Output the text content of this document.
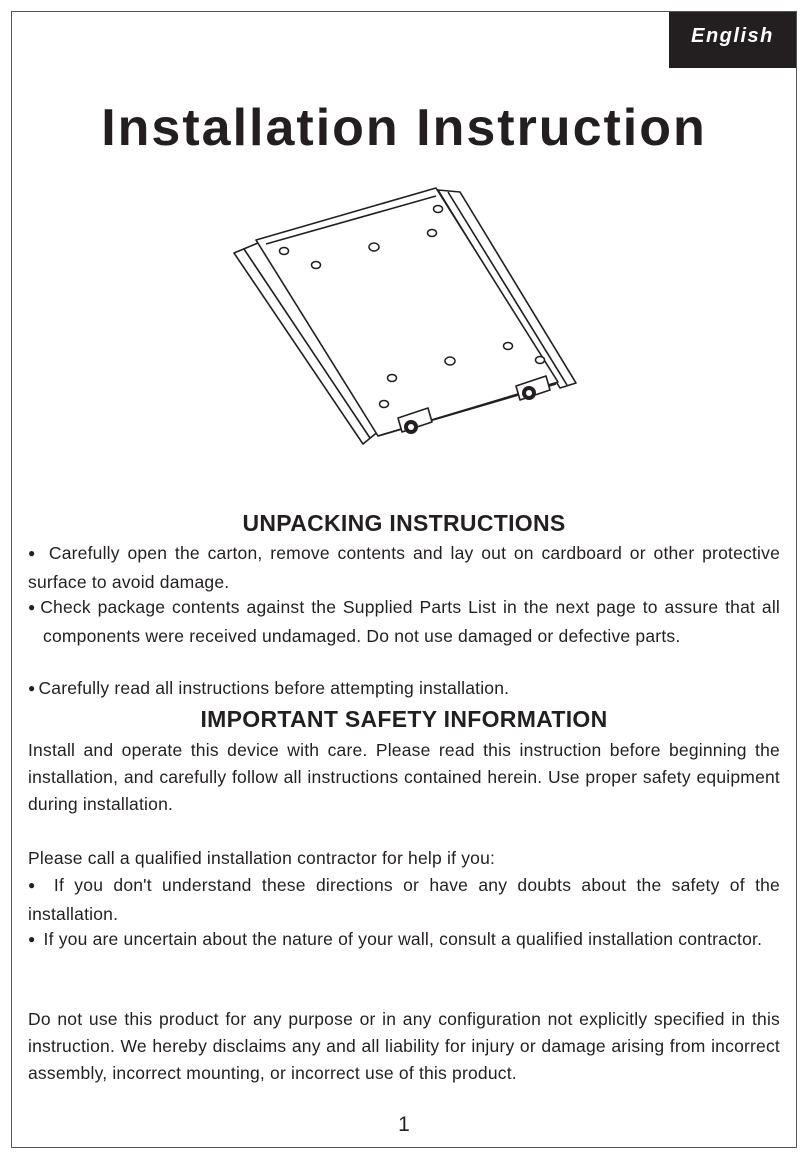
English
Installation Instruction
UNPACKING INSTRUCTIONS
● Carefully open the carton, remove contents and lay out on cardboard or other protective surface to avoid damage.
● Check package contents against the Supplied Parts List in the next page to assure that all components were received undamaged. Do not use damaged or defective parts.
● Carefully read all instructions before attempting installation.
IMPORTANT SAFETY INFORMATION
Install and operate this device with care. Please read this instruction before beginning the installation, and carefully follow all instructions contained herein. Use proper safety equipment during installation.
Please call a qualified installation contractor for help if you:
● If you don't understand these directions or have any doubts about the safety of the installation.
● If you are uncertain about the nature of your wall, consult a qualified installation contractor.
Do not use this product for any purpose or in any configuration not explicitly specified in this instruction. We hereby disclaims any and all liability for injury or damage arising from incorrect assembly, incorrect mounting, or incorrect use of this product.
1
